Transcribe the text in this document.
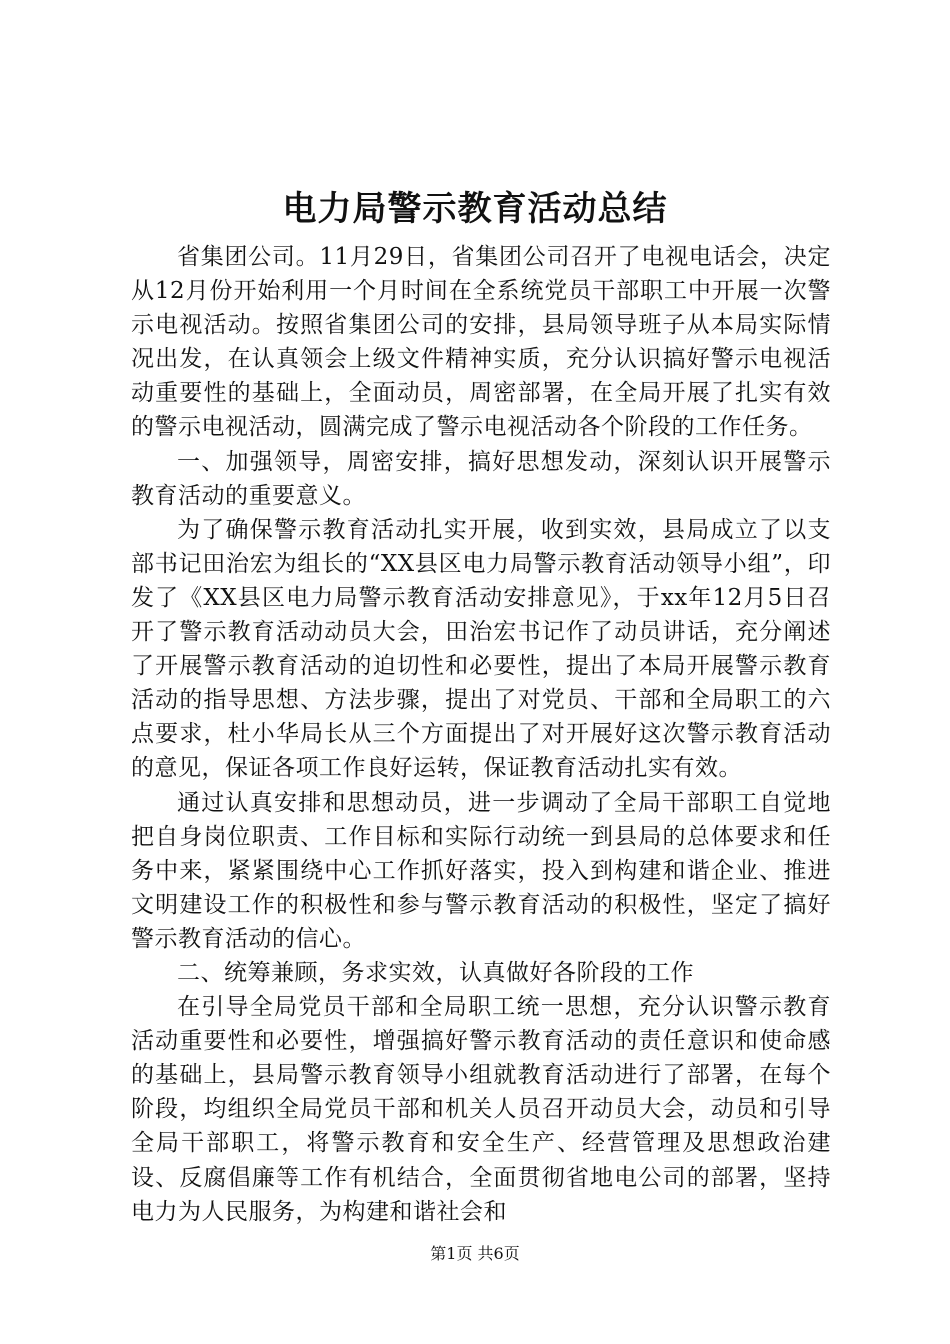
电力局警示教育活动总结

省集团公司。11月29日，省集团公司召开了电视电话会，决定从12月份开始利用一个月时间在全系统党员干部职工中开展一次警示电视活动。按照省集团公司的安排，县局领导班子从本局实际情况出发，在认真领会上级文件精神实质，充分认识搞好警示电视活动重要性的基础上，全面动员，周密部署，在全局开展了扎实有效的警示电视活动，圆满完成了警示电视活动各个阶段的工作任务。

一、加强领导，周密安排，搞好思想发动，深刻认识开展警示教育活动的重要意义。

为了确保警示教育活动扎实开展，收到实效，县局成立了以支部书记田治宏为组长的“XX县区电力局警示教育活动领导小组”，印发了《XX县区电力局警示教育活动安排意见》，于xx年12月5日召开了警示教育活动动员大会，田治宏书记作了动员讲话，充分阐述了开展警示教育活动的迫切性和必要性，提出了本局开展警示教育活动的指导思想、方法步骤，提出了对党员、干部和全局职工的六点要求，杜小华局长从三个方面提出了对开展好这次警示教育活动的意见，保证各项工作良好运转，保证教育活动扎实有效。

通过认真安排和思想动员，进一步调动了全局干部职工自觉地把自身岗位职责、工作目标和实际行动统一到县局的总体要求和任务中来，紧紧围绕中心工作抓好落实，投入到构建和谐企业、推进文明建设工作的积极性和参与警示教育活动的积极性，坚定了搞好警示教育活动的信心。

二、统筹兼顾，务求实效，认真做好各阶段的工作

在引导全局党员干部和全局职工统一思想，充分认识警示教育活动重要性和必要性，增强搞好警示教育活动的责任意识和使命感的基础上，县局警示教育领导小组就教育活动进行了部署，在每个阶段，均组织全局党员干部和机关人员召开动员大会，动员和引导全局干部职工，将警示教育和安全生产、经营管理及思想政治建设、反腐倡廉等工作有机结合，全面贯彻省地电公司的部署，坚持电力为人民服务，为构建和谐社会和

第1页 共6页
